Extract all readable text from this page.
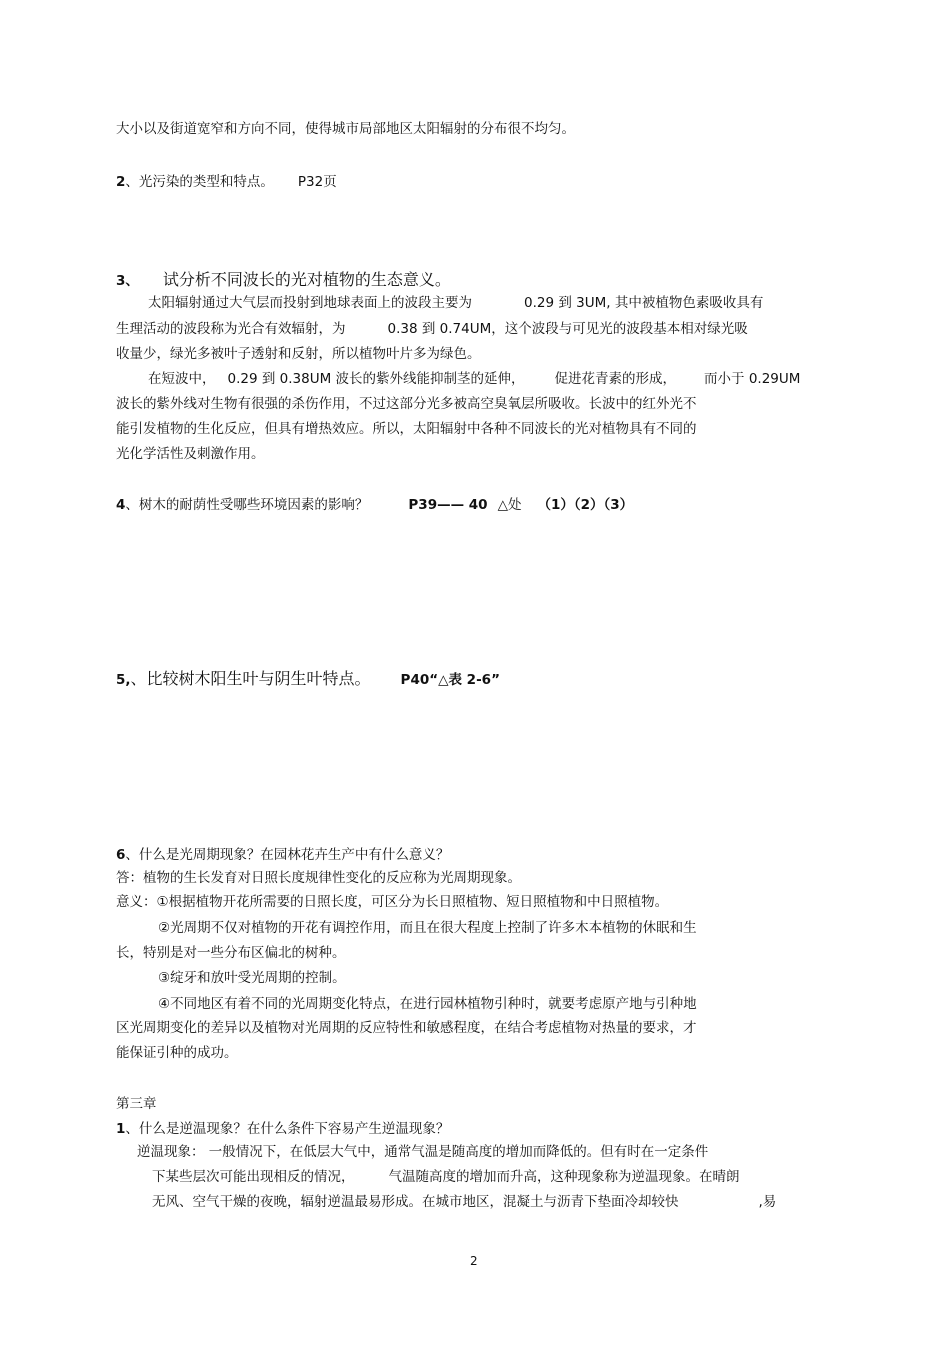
大小以及街道宽窄和方向不同，使得城市局部地区太阳辐射的分布很不均匀。
2、光污染的类型和特点。 P32页
3、 试分析不同波长的光对植物的生态意义。
太阳辐射通过大气层而投射到地球表面上的波段主要为	0.29 到 3UM, 其中被植物色素吸收具有
生理活动的波段称为光合有效辐射，为	0.38 到 0.74UM，这个波段与可见光的波段基本相对绿光吸
收量少，绿光多被叶子透射和反射，所以植物叶片多为绿色。
在短波中， 0.29 到 0.38UM 波长的紫外线能抑制茎的延伸， 促进花青素的形成， 而小于 0.29UM
波长的紫外线对生物有很强的杀伤作用，不过这部分光多被高空臭氧层所吸收。长波中的红外光不
能引发植物的生化反应，但具有增热效应。所以，太阳辐射中各种不同波长的光对植物具有不同的
光化学活性及刺激作用。
4、树木的耐荫性受哪些环境因素的影响？	P39—— 40 △处 （1）（2）（3）
5,、比较树木阳生叶与阴生叶特点。 P40“△表 2-6”
6、什么是光周期现象？在园林花卉生产中有什么意义？
答：植物的生长发育对日照长度规律性变化的反应称为光周期现象。
意义：①根据植物开花所需要的日照长度，可区分为长日照植物、短日照植物和中日照植物。
②光周期不仅对植物的开花有调控作用，而且在很大程度上控制了许多木本植物的休眠和生
长，特别是对一些分布区偏北的树种。
③绽牙和放叶受光周期的控制。
④不同地区有着不同的光周期变化特点，在进行园林植物引种时，就要考虑原产地与引种地
区光周期变化的差异以及植物对光周期的反应特性和敏感程度，在结合考虑植物对热量的要求，才
能保证引种的成功。
第三章
1、什么是逆温现象？在什么条件下容易产生逆温现象？
逆温现象： 一般情况下，在低层大气中，通常气温是随高度的增加而降低的。但有时在一定条件
下某些层次可能出现相反的情况，	气温随高度的增加而升高，这种现象称为逆温现象。在晴朗
无风、空气干燥的夜晚，辐射逆温最易形成。在城市地区，混凝土与沥青下垫面冷却较快	,易
2
